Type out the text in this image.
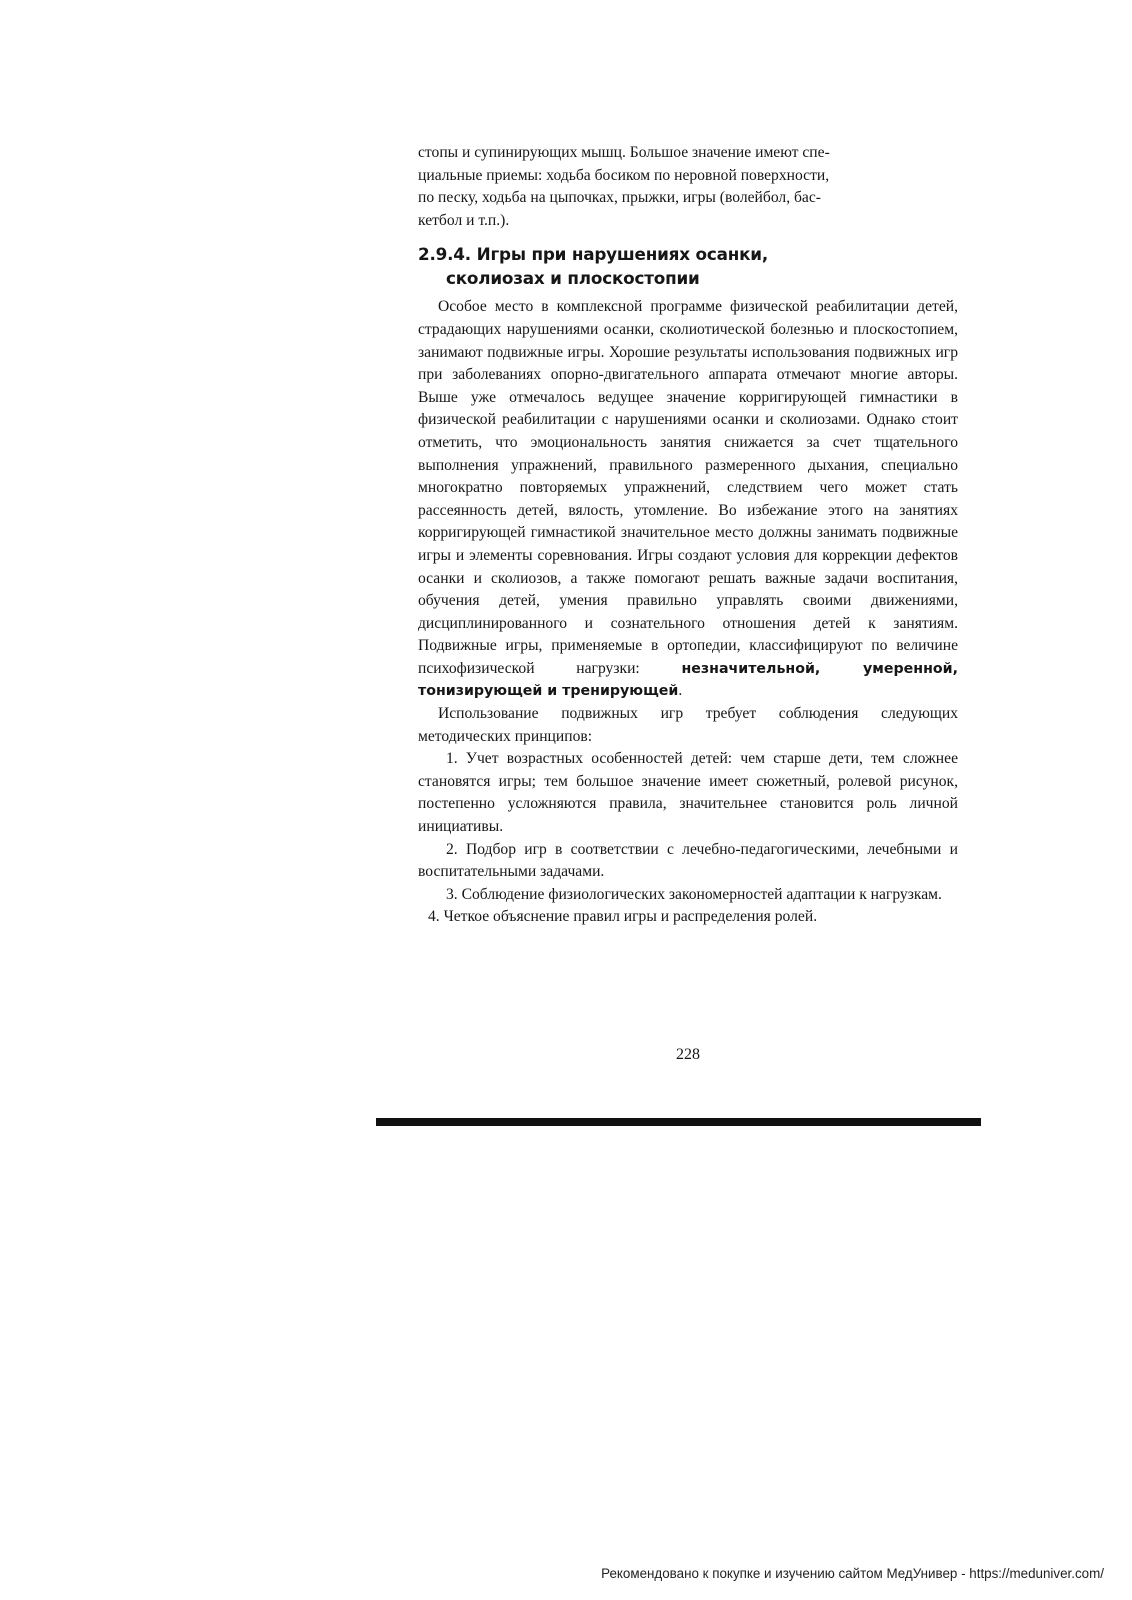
стопы и супинирующих мышц. Большое значение имеют спе-
циальные приемы: ходьба босиком по неровной поверхности,
по песку, ходьба на цыпочках, прыжки, игры (волейбол, бас-
кетбол и т.п.).

2.9.4. Игры при нарушениях осанки,
сколиозах и плоскостопии

Особое место в комплексной программе физической реабилитации детей, страдающих нарушениями осанки, сколиотической болезнью и плоскостопием, занимают подвижные игры. Хорошие результаты использования подвижных игр при заболеваниях опорно-двигательного аппарата отмечают многие авторы. Выше уже отмечалось ведущее значение корригирующей гимнастики в физической реабилитации с нарушениями осанки и сколиозами. Однако стоит отметить, что эмоциональность занятия снижается за счет тщательного выполнения упражнений, правильного размеренного дыхания, специально многократно повторяемых упражнений, следствием чего может стать рассеянность детей, вялость, утомление. Во избежание этого на занятиях корригирующей гимнастикой значительное место должны занимать подвижные игры и элементы соревнования. Игры создают условия для коррекции дефектов осанки и сколиозов, а также помогают решать важные задачи воспитания, обучения детей, умения правильно управлять своими движениями, дисциплинированного и сознательного отношения детей к занятиям. Подвижные игры, применяемые в ортопедии, классифицируют по величине психофизической нагрузки:	незначительной, умеренной, тонизирующей и тренирующей.

Использование подвижных игр требует соблюдения следующих методических принципов:

1. Учет возрастных особенностей детей: чем старше дети, тем сложнее становятся игры; тем большое значение имеет сюжетный, ролевой рисунок, постепенно усложняются правила, значительнее становится роль личной инициативы.

2. Подбор игр в соответствии с лечебно-педагогическими, лечебными и воспитательными задачами.

3. Соблюдение физиологических закономерностей адаптации к нагрузкам.

4. Четкое объяснение правил игры и распределения ролей.

228
Рекомендовано к покупке и изучению сайтом МедУнивер - https://meduniver.com/
